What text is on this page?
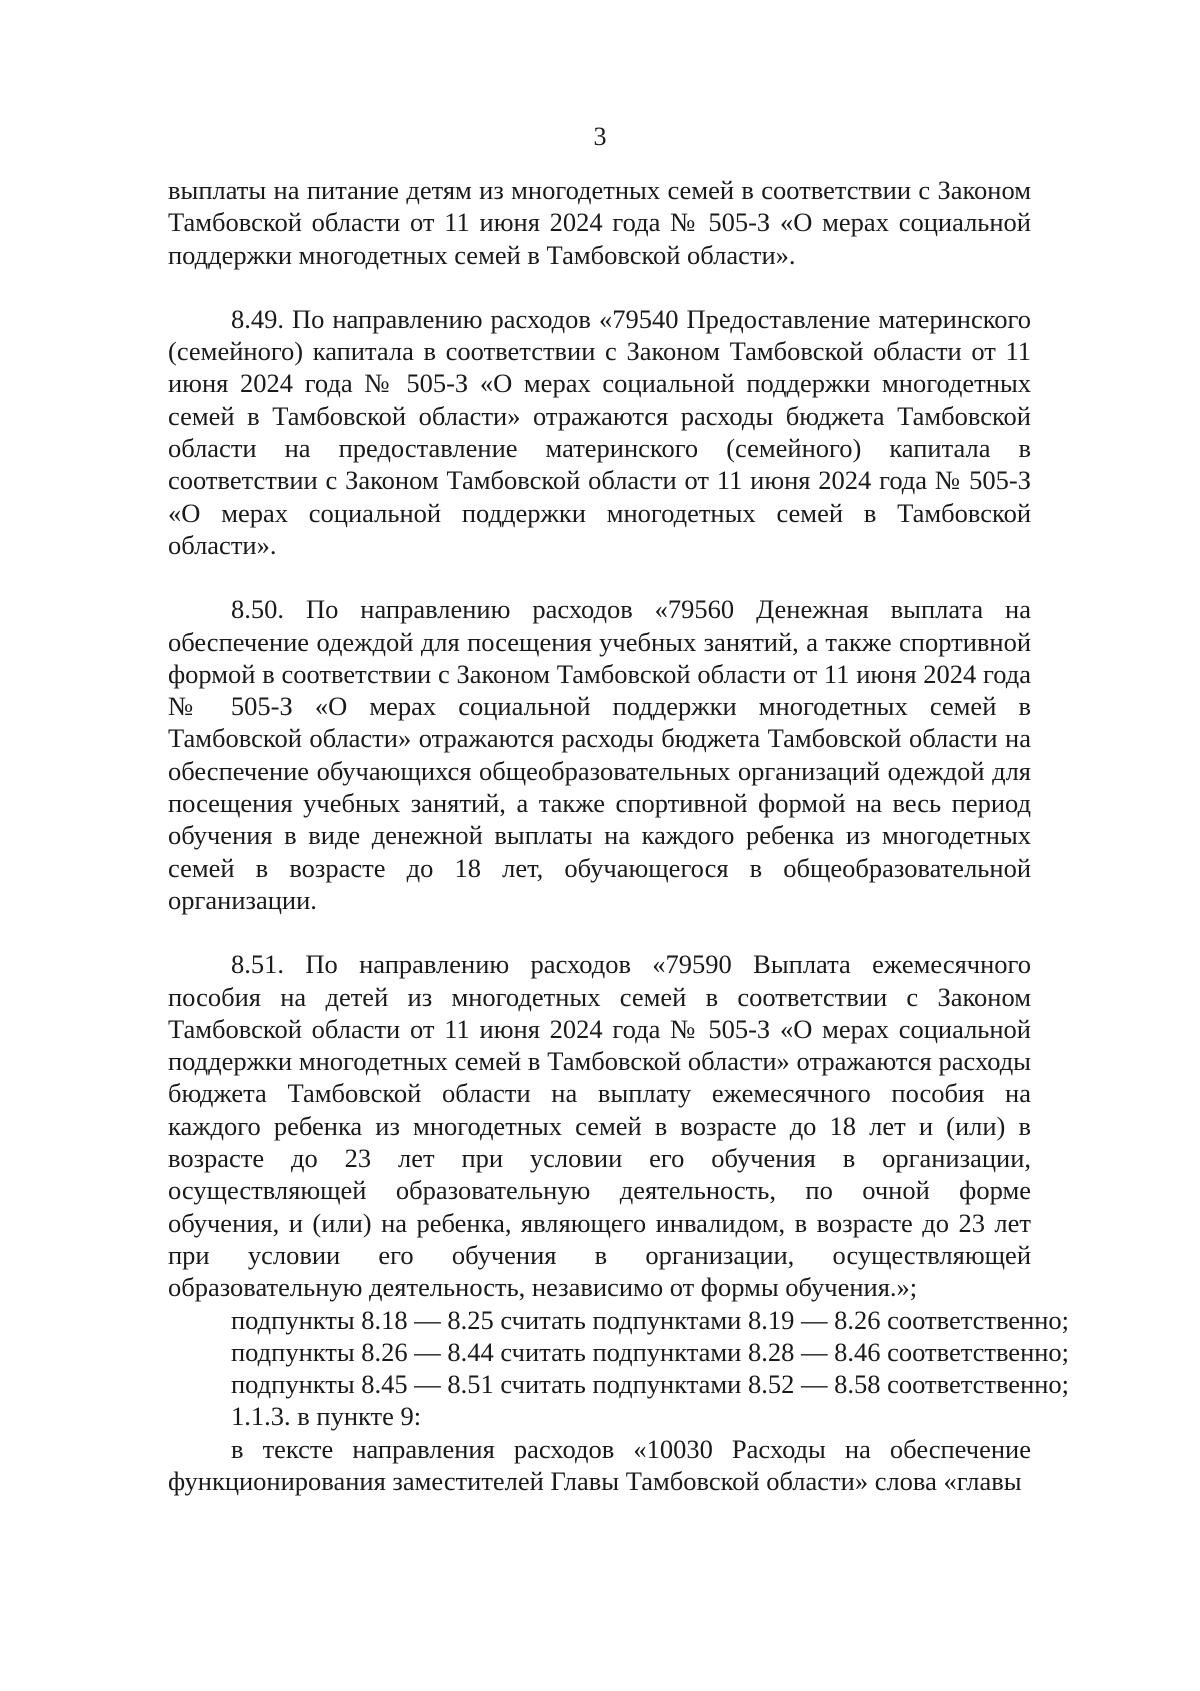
3

выплаты на питание детям из многодетных семей в соответствии с Законом Тамбовской области от 11 июня 2024 года № 505-З «О мерах социальной поддержки многодетных семей в Тамбовской области».

8.49. По направлению расходов «79540 Предоставление материнского (семейного) капитала в соответствии с Законом Тамбовской области от 11 июня 2024 года № 505-З «О мерах социальной поддержки многодетных семей в Тамбовской области» отражаются расходы бюджета Тамбовской области на предоставление материнского (семейного) капитала в соответствии с Законом Тамбовской области от 11 июня 2024 года № 505-З «О мерах социальной поддержки многодетных семей в Тамбовской области».

8.50. По направлению расходов «79560 Денежная выплата на обеспечение одеждой для посещения учебных занятий, а также спортивной формой в соответствии с Законом Тамбовской области от 11 июня 2024 года № 505-З «О мерах социальной поддержки многодетных семей в Тамбовской области» отражаются расходы бюджета Тамбовской области на обеспечение обучающихся общеобразовательных организаций одеждой для посещения учебных занятий, а также спортивной формой на весь период обучения в виде денежной выплаты на каждого ребенка из многодетных семей в возрасте до 18 лет, обучающегося в общеобразовательной организации.

8.51. По направлению расходов «79590 Выплата ежемесячного пособия на детей из многодетных семей в соответствии с Законом Тамбовской области от 11 июня 2024 года № 505-З «О мерах социальной поддержки многодетных семей в Тамбовской области» отражаются расходы бюджета Тамбовской области на выплату ежемесячного пособия на каждого ребенка из многодетных семей в возрасте до 18 лет и (или) в возрасте до 23 лет при условии его обучения в организации, осуществляющей образовательную деятельность, по очной форме обучения, и (или) на ребенка, являющего инвалидом, в возрасте до 23 лет при условии его обучения в организации, осуществляющей образовательную деятельность, независимо от формы обучения.»;

подпункты 8.18 — 8.25 считать подпунктами 8.19 — 8.26 соответственно;

подпункты 8.26 — 8.44 считать подпунктами 8.28 — 8.46 соответственно;

подпункты 8.45 — 8.51 считать подпунктами 8.52 — 8.58 соответственно;

1.1.3. в пункте 9:

в тексте направления расходов «10030 Расходы на обеспечение функционирования заместителей Главы Тамбовской области» слова «главы
